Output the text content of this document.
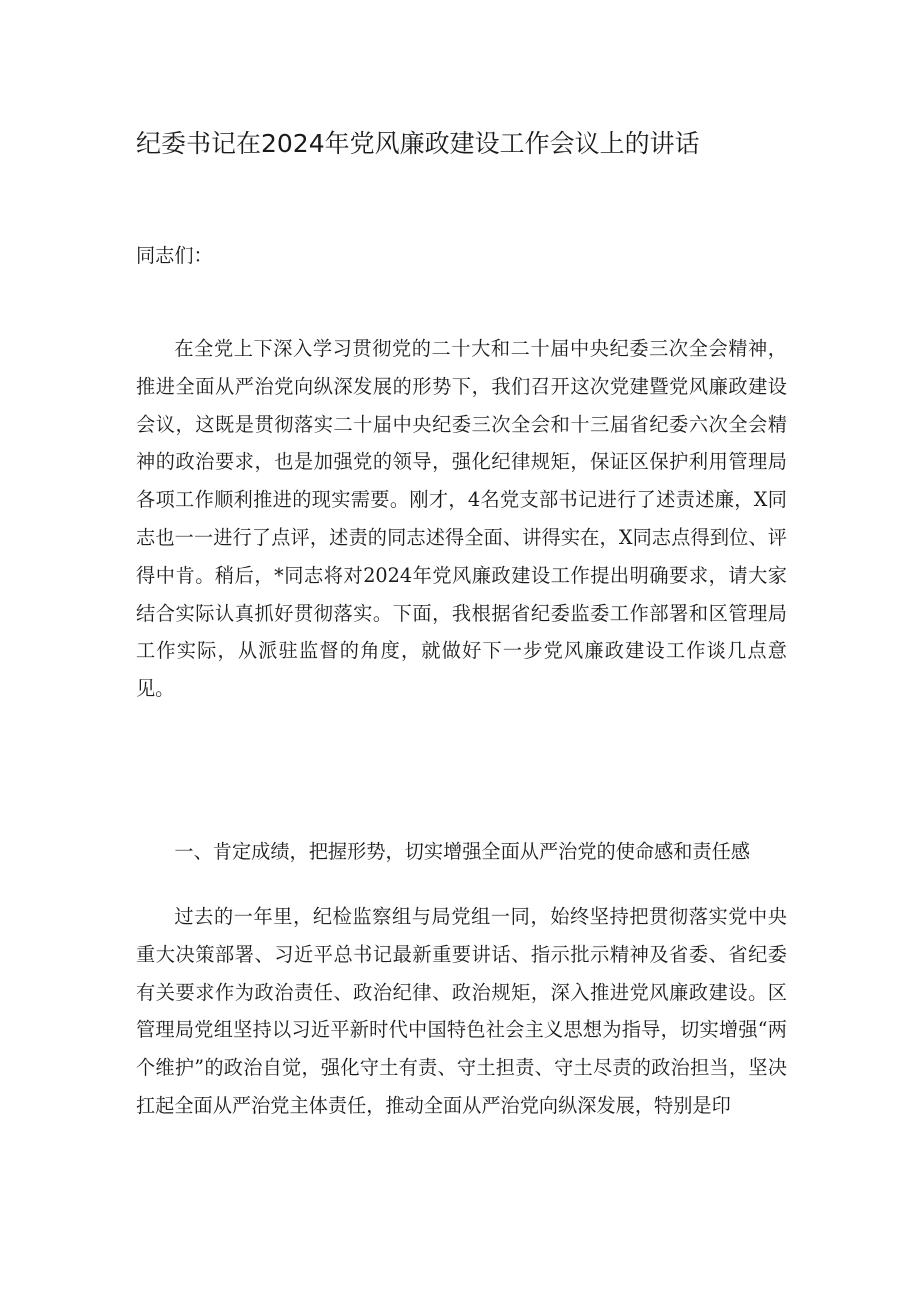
纪委书记在2024年党风廉政建设工作会议上的讲话

同志们：

在全党上下深入学习贯彻党的二十大和二十届中央纪委三次全会精神，推进全面从严治党向纵深发展的形势下，我们召开这次党建暨党风廉政建设会议，这既是贯彻落实二十届中央纪委三次全会和十三届省纪委六次全会精神的政治要求，也是加强党的领导，强化纪律规矩，保证区保护利用管理局各项工作顺利推进的现实需要。刚才，4名党支部书记进行了述责述廉，X同志也一一进行了点评，述责的同志述得全面、讲得实在，X同志点得到位、评得中肯。稍后，*同志将对2024年党风廉政建设工作提出明确要求，请大家结合实际认真抓好贯彻落实。下面，我根据省纪委监委工作部署和区管理局工作实际，从派驻监督的角度，就做好下一步党风廉政建设工作谈几点意见。

一、肯定成绩，把握形势，切实增强全面从严治党的使命感和责任感

过去的一年里，纪检监察组与局党组一同，始终坚持把贯彻落实党中央重大决策部署、习近平总书记最新重要讲话、指示批示精神及省委、省纪委有关要求作为政治责任、政治纪律、政治规矩，深入推进党风廉政建设。区管理局党组坚持以习近平新时代中国特色社会主义思想为指导，切实增强“两个维护”的政治自觉，强化守土有责、守土担责、守土尽责的政治担当，坚决扛起全面从严治党主体责任，推动全面从严治党向纵深发展，特别是印
